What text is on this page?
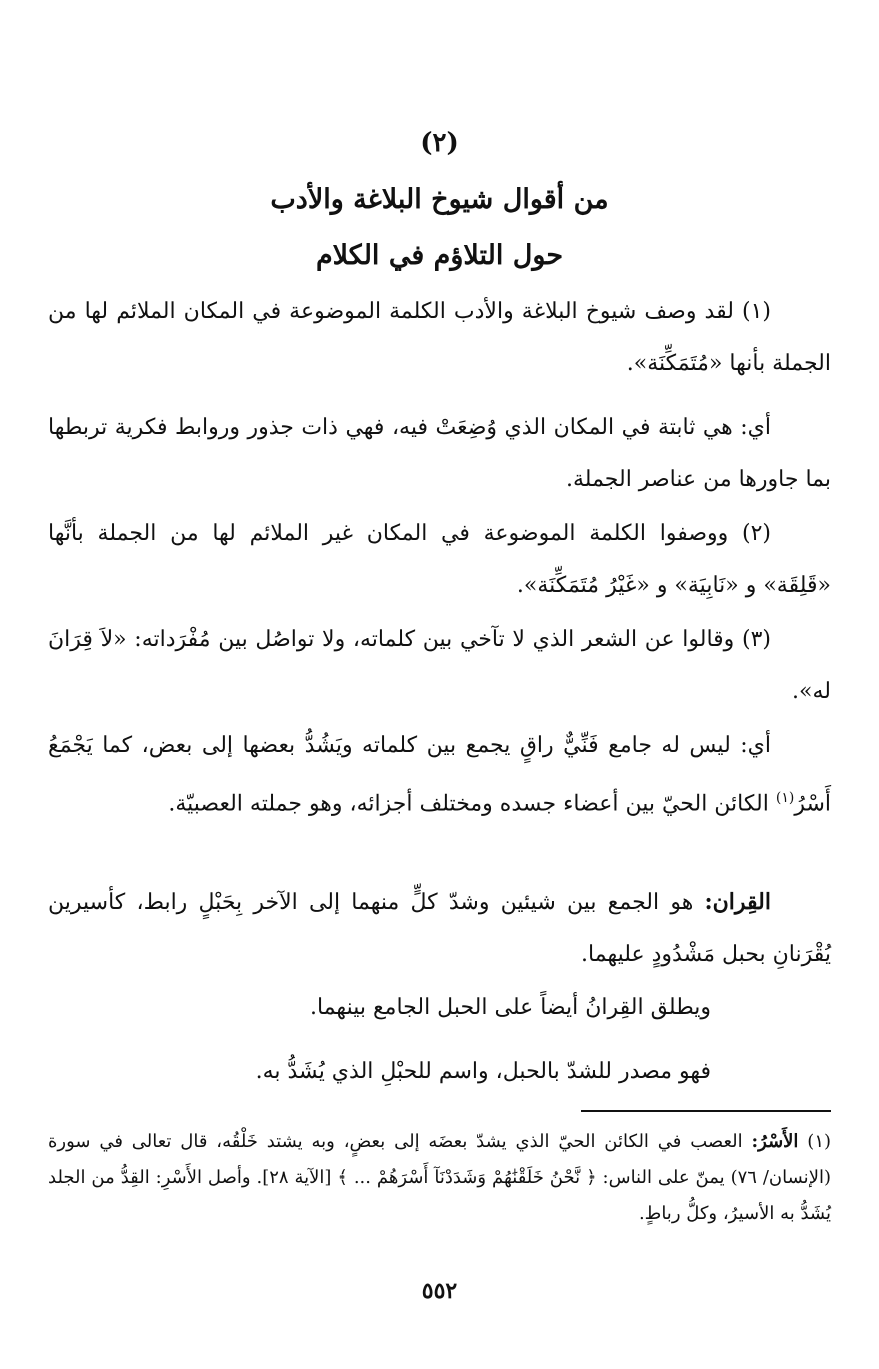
(٢)
من أقوال شيوخ البلاغة والأدب
حول التلاؤم في الكلام

(١) لقد وصف شيوخ البلاغة والأدب الكلمة الموضوعة في المكان الملائم لها من الجملة بأنها «مُتَمَكِّنَة».

أي: هي ثابتة في المكان الذي وُضِعَتْ فيه، فهي ذات جذور وروابط فكرية تربطها بما جاورها من عناصر الجملة.

(٢) ووصفوا الكلمة الموضوعة في المكان غير الملائم لها من الجملة بأنَّها «قَلِقَة» و «نَابِيَة» و «غَيْرُ مُتَمَكِّنَة».

(٣) وقالوا عن الشعر الذي لا تآخي بين كلماته، ولا تواصُل بين مُفْرَداته: «لاَ قِرَانَ له».

أي: ليس له جامع فَنِّيٌّ راقٍ يجمع بين كلماته ويَشُدُّ بعضها إلى بعض، كما يَجْمَعُ أَسْرُ$^{(١)}$ الكائن الحيّ بين أعضاء جسده ومختلف أجزائه، وهو جملته العصبيّة.

القِران: هو الجمع بين شيئين وشدّ كلٍّ منهما إلى الآخر بِحَبْلٍ رابط، كأسيرين يُقْرَنانِ بحبل مَشْدُودٍ عليهما.

ويطلق القِرانُ أيضاً على الحبل الجامع بينهما.

فهو مصدر للشدّ بالحبل، واسم للحبْلِ الذي يُشَدُّ به.

(١) الأَسْرُ: العصب في الكائن الحيّ الذي يشدّ بعضَه إلى بعضٍ، وبه يشتد خَلْقُه، قال تعالى في سورة (الإنسان/ ٧٦) يمنّ على الناس: ﴿ نَّحْنُ خَلَقْنَٰهُمْ وَشَدَدْنَآ أَسْرَهُمْ ... ﴾ [الآية ٢٨]. وأصل الأَسْرِ: القِدُّ من الجلد يُشَدُّ به الأسيرُ، وكلُّ رباطٍ.

٥٥٢
